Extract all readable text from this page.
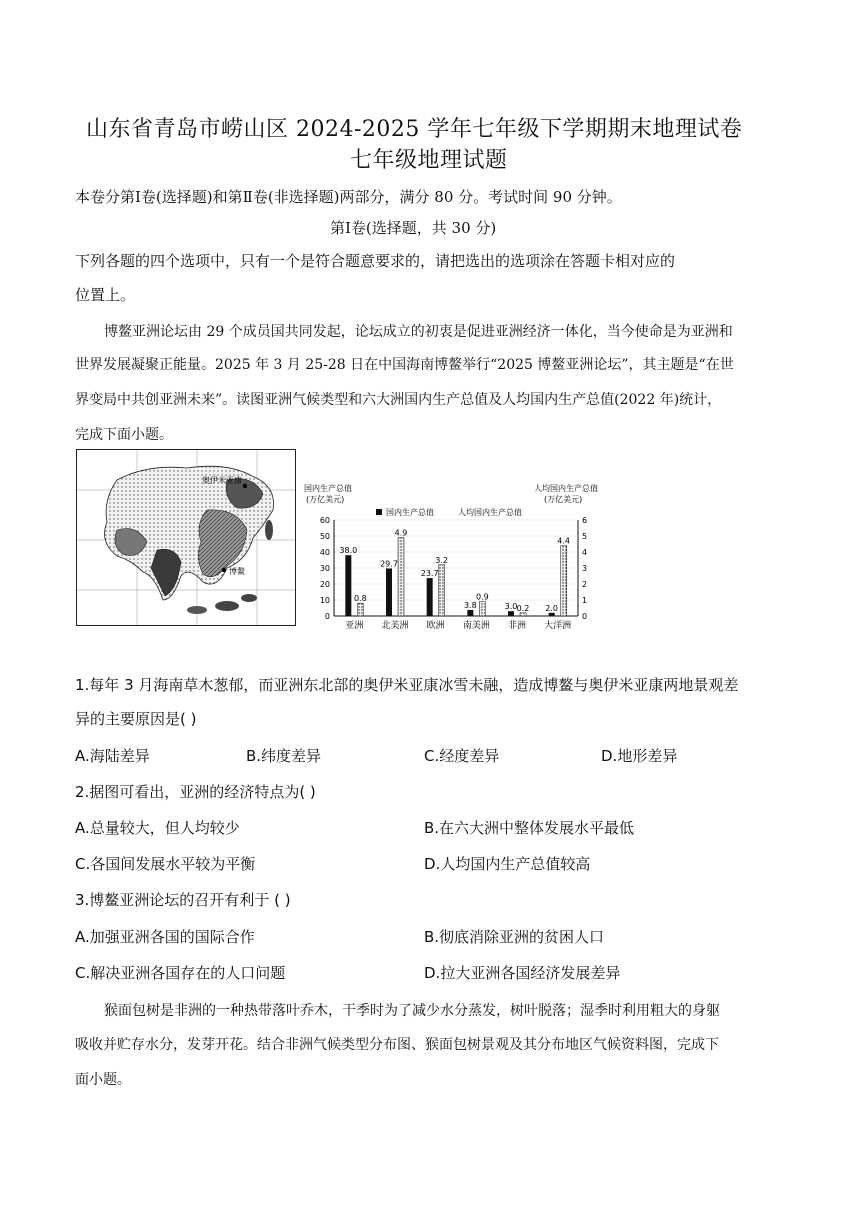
山东省青岛市崂山区 2024-2025 学年七年级下学期期末地理试卷
七年级地理试题
本卷分第Ⅰ卷(选择题)和第Ⅱ卷(非选择题)两部分，满分 80 分。考试时间 90 分钟。
第Ⅰ卷(选择题，共 30 分)
下列各题的四个选项中，只有一个是符合题意要求的，请把选出的选项涂在答题卡相对应的
位置上。
博鳌亚洲论坛由 29 个成员国共同发起，论坛成立的初衷是促进亚洲经济一体化，当今使命是为亚洲和
世界发展凝聚正能量。2025 年 3 月 25-28 日在中国海南博鳌举行“2025 博鳌亚洲论坛”，其主题是“在世
界变局中共创亚洲未来”。读图亚洲气候类型和六大洲国内生产总值及人均国内生产总值(2022 年)统计，
完成下面小题。
奥伊米亚康
博鳌
国内生产总值
(万亿美元)
人均国内生产总值
(万亿美元)
国内生产总值	人均国内生产总值
0
10
20
30
40
50
60
0
1
2
3
4
5
6
38.0
0.8
亚洲
29.7
4.9
北美洲
23.7
3.2
欧洲
3.8
0.9
南美洲
3.0 0.2
非洲
2.0
4.4
大洋洲
1.每年 3 月海南草木葱郁，而亚洲东北部的奥伊米亚康冰雪未融，造成博鳌与奥伊米亚康两地景观差
异的主要原因是( )
A.海陆差异	B.纬度差异	C.经度差异	D.地形差异
2.据图可看出，亚洲的经济特点为( )
A.总量较大，但人均较少	B.在六大洲中整体发展水平最低
C.各国间发展水平较为平衡	D.人均国内生产总值较高
3.博鳌亚洲论坛的召开有利于 ( )
A.加强亚洲各国的国际合作	B.彻底消除亚洲的贫困人口
C.解决亚洲各国存在的人口问题	D.拉大亚洲各国经济发展差异
猴面包树是非洲的一种热带落叶乔木，干季时为了减少水分蒸发，树叶脱落；湿季时利用粗大的身躯
吸收并贮存水分，发芽开花。结合非洲气候类型分布图、猴面包树景观及其分布地区气候资料图，完成下
面小题。
